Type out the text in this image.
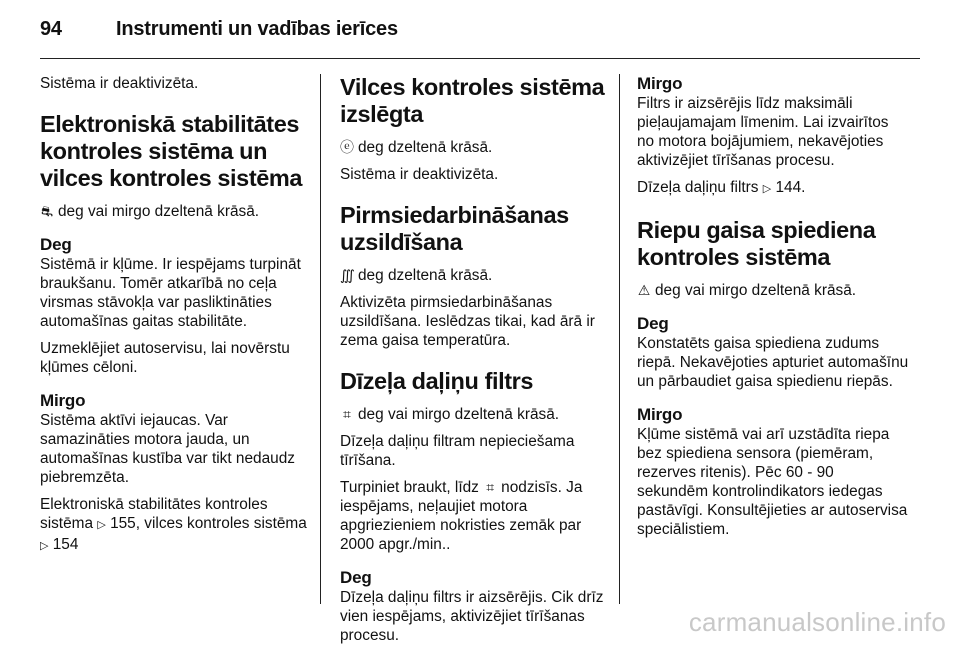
94	Instrumenti un vadības ierīces

Sistēma ir deaktivizēta.

Elektroniskā stabilitātes kontroles sistēma un vilces kontroles sistēma

⛐ deg vai mirgo dzeltenā krāsā.

Deg

Sistēmā ir kļūme. Ir iespējams turpināt braukšanu. Tomēr atkarībā no ceļa virsmas stāvokļa var pasliktināties automašīnas gaitas stabilitāte.

Uzmeklējiet autoservisu, lai novērstu kļūmes cēloni.

Mirgo

Sistēma aktīvi iejaucas. Var samazināties motora jauda, un automašīnas kustība var tikt nedaudz piebremzēta.

Elektroniskā stabilitātes kontroles sistēma ▷ 155, vilces kontroles sistēma ▷ 154

Vilces kontroles sistēma izslēgta

ⓔ deg dzeltenā krāsā.

Sistēma ir deaktivizēta.

Pirmsiedarbināšanas uzsildīšana

∭ deg dzeltenā krāsā.

Aktivizēta pirmsiedarbināšanas uzsildīšana. Ieslēdzas tikai, kad ārā ir zema gaisa temperatūra.

Dīzeļa daļiņu filtrs

⌗ deg vai mirgo dzeltenā krāsā.

Dīzeļa daļiņu filtram nepieciešama tīrīšana.

Turpiniet braukt, līdz ⌗ nodzisīs. Ja iespējams, neļaujiet motora apgriezieniem nokristies zemāk par 2000 apgr./min..

Deg

Dīzeļa daļiņu filtrs ir aizsērējis. Cik drīz vien iespējams, aktivizējiet tīrīšanas procesu.

Mirgo

Filtrs ir aizsērējis līdz maksimāli pieļaujamajam līmenim. Lai izvairītos no motora bojājumiem, nekavējoties aktivizējiet tīrīšanas procesu.

Dīzeļa daļiņu filtrs ▷ 144.

Riepu gaisa spiediena kontroles sistēma

⚠ deg vai mirgo dzeltenā krāsā.

Deg

Konstatēts gaisa spiediena zudums riepā. Nekavējoties apturiet automašīnu un pārbaudiet gaisa spiedienu riepās.

Mirgo

Kļūme sistēmā vai arī uzstādīta riepa bez spiediena sensora (piemēram, rezerves ritenis). Pēc 60 - 90 sekundēm kontrolindikators iedegas pastāvīgi. Konsultējieties ar autoservisa speciālistiem.

carmanualsonline.info
